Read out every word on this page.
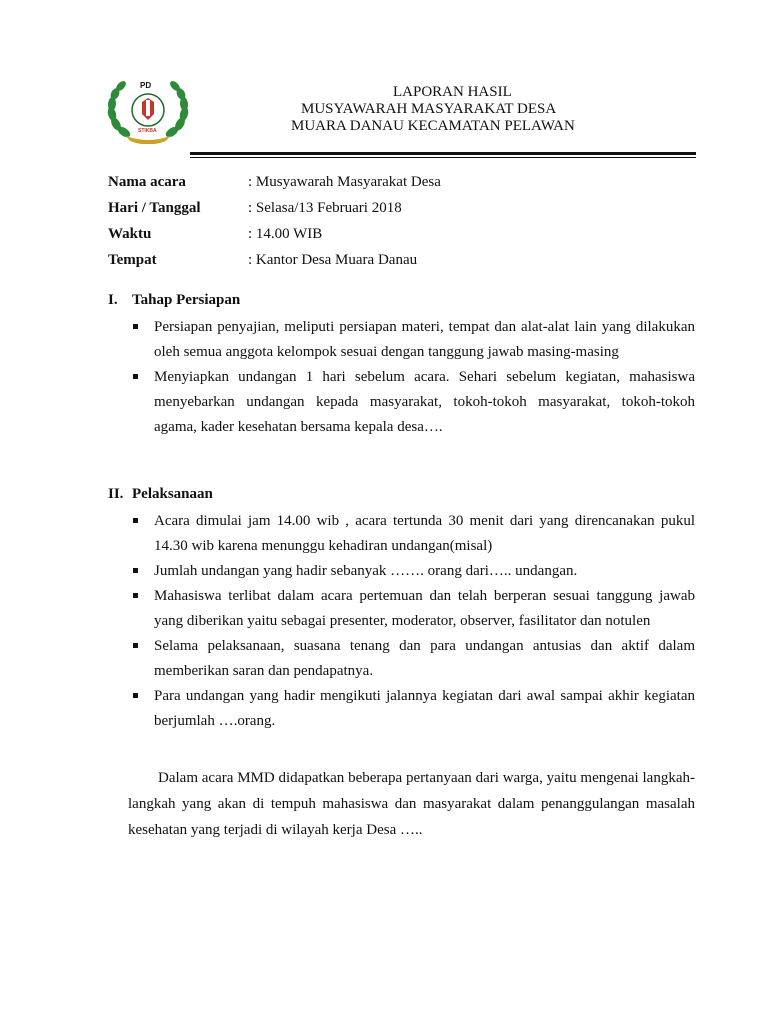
PD
STIKBA
LAPORAN HASIL
MUSYAWARAH MASYARAKAT DESA
MUARA DANAU KECAMATAN PELAWAN
Nama acara	: Musyawarah Masyarakat Desa
Hari / Tanggal	: Selasa/13 Februari 2018
Waktu	: 14.00 WIB
Tempat	: Kantor Desa Muara Danau
I. Tahap Persiapan
Persiapan penyajian, meliputi persiapan materi, tempat dan alat-alat lain yang dilakukan oleh semua anggota kelompok sesuai dengan tanggung jawab masing-masing
Menyiapkan undangan 1 hari sebelum acara. Sehari sebelum kegiatan, mahasiswa menyebarkan undangan kepada masyarakat, tokoh-tokoh masyarakat, tokoh-tokoh agama, kader kesehatan bersama kepala desa….
II. Pelaksanaan
Acara dimulai jam 14.00 wib , acara tertunda 30 menit dari yang direncanakan pukul 14.30 wib karena menunggu kehadiran undangan(misal)
Jumlah undangan yang hadir sebanyak ……. orang dari….. undangan.
Mahasiswa terlibat dalam acara pertemuan dan telah berperan sesuai tanggung jawab yang diberikan yaitu sebagai presenter, moderator, observer, fasilitator dan notulen
Selama pelaksanaan, suasana tenang dan para undangan antusias dan aktif dalam memberikan saran dan pendapatnya.
Para undangan yang hadir mengikuti jalannya kegiatan dari awal sampai akhir kegiatan berjumlah ….orang.

Dalam acara MMD didapatkan beberapa pertanyaan dari warga, yaitu mengenai langkah-langkah yang akan di tempuh mahasiswa dan masyarakat dalam penanggulangan masalah kesehatan yang terjadi di wilayah kerja Desa …..
